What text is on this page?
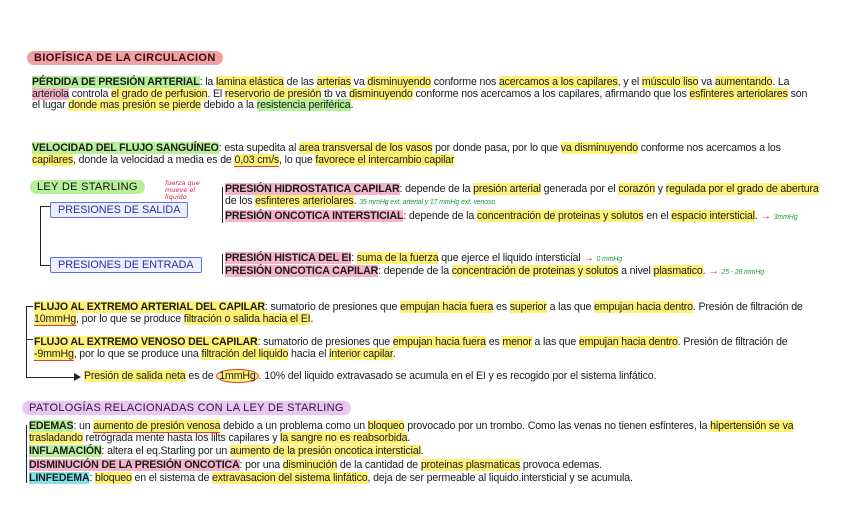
BIOFÍSICA DE LA CIRCULACION
PÉRDIDA DE PRESIÓN ARTERIAL: la lamina elástica de las arterias va disminuyendo conforme nos acercamos a los capilares, y el músculo liso va aumentando. La arteriola controla el grado de perfusion. El reservorio de presión tb va disminuyendo conforme nos acercamos a los capilares, afirmando que los esfinteres arteriolares son el lugar donde mas presión se pierde debido a la resistencia periférica.
VELOCIDAD DEL FLUJO SANGUÍNEO: esta supedita al area transversal de los vasos por donde pasa, por lo que va disminuyendo conforme nos acercamos a los capilares, donde la velocidad a media es de 0,03 cm/s, lo que favorece el intercambio capilar
LEY DE STARLING	fuerza que mueve el liquido
PRESIONES DE SALIDA
PRESIONES DE ENTRADA
PRESIÓN HIDROSTATICA CAPILAR: depende de la presión arterial generada por el corazón y regulada por el grado de abertura de los esfinteres arteriolares. 35 mmHg ext. arterial y 17 mmHg ext. venoso
PRESIÓN ONCOTICA INTERSTICIAL: depende de la concentración de proteinas y solutos en el espacio intersticial. → 3mmHg
PRESIÓN HISTICA DEL EI: suma de la fuerza que ejerce el liquido intersticial → 0 mmHg
PRESIÓN ONCOTICA CAPILAR: depende de la concentración de proteinas y solutos a nivel plasmatico. → 25 - 28 mmHg
FLUJO AL EXTREMO ARTERIAL DEL CAPILAR: sumatorio de presiones que empujan hacia fuera es superior a las que empujan hacia dentro. Presión de filtración de 10mmHg, por lo que se produce filtración o salida hacia el EI.
FLUJO AL EXTREMO VENOSO DEL CAPILAR: sumatorio de presiones que empujan hacia fuera es menor a las que empujan hacia dentro. Presión de filtración de -9mmHg, por lo que se produce una filtración del liquido hacia el interior capilar.
Presión de salida neta es de 1mmHg . 10% del liquido extravasado se acumula en el EI y es recogido por el sistema linfático.
PATOLOGÍAS RELACIONADAS CON LA LEY DE STARLING
EDEMAS: un aumento de presión venosa debido a un problema como un bloqueo provocado por un trombo. Como las venas no tienen esfinteres, la hipertensión se va trasladando retrógrada mente hasta los lilts capilares y la sangre no es reabsorbida.
INFLAMACIÓN: altera el eq.Starling por un aumento de la presión oncotica intersticial.
DISMINUCIÓN DE LA PRESIÓN ONCOTICA: por una disminución de la cantidad de proteinas plasmaticas provoca edemas.
LINFEDEMA: bloqueo en el sistema de extravasacion del sistema linfático, deja de ser permeable al liquido.intersticial y se acumula.
